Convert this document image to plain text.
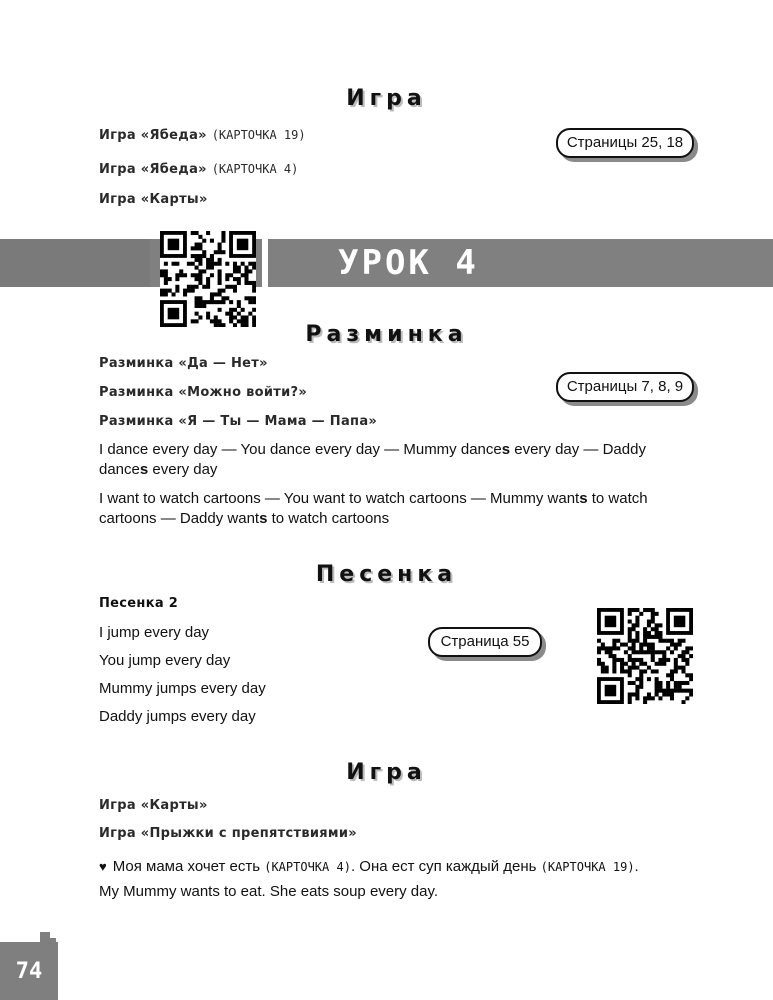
Игра
Игра «Ябеда» (КАРТОЧКА 19)
Игра «Ябеда» (КАРТОЧКА 4)
Игра «Карты»
Страницы 25, 18
УРОК 4
Разминка
Разминка «Да — Нет»
Разминка «Можно войти?»
Разминка «Я — Ты — Мама — Папа»
Страницы 7, 8, 9
I dance every day — You dance every day — Mummy dances every day — Daddy dances every day
I want to watch cartoons — You want to watch cartoons — Mummy wants to watch cartoons — Daddy wants to watch cartoons
Песенка
Песенка 2
I jump every day
You jump every day
Mummy jumps every day
Daddy jumps every day
Страница 55
Игра
Игра «Карты»
Игра «Прыжки с препятствиями»
♥ Моя мама хочет есть (КАРТОЧКА 4). Она ест суп каждый день (КАРТОЧКА 19).
My Mummy wants to eat. She eats soup every day.
74
